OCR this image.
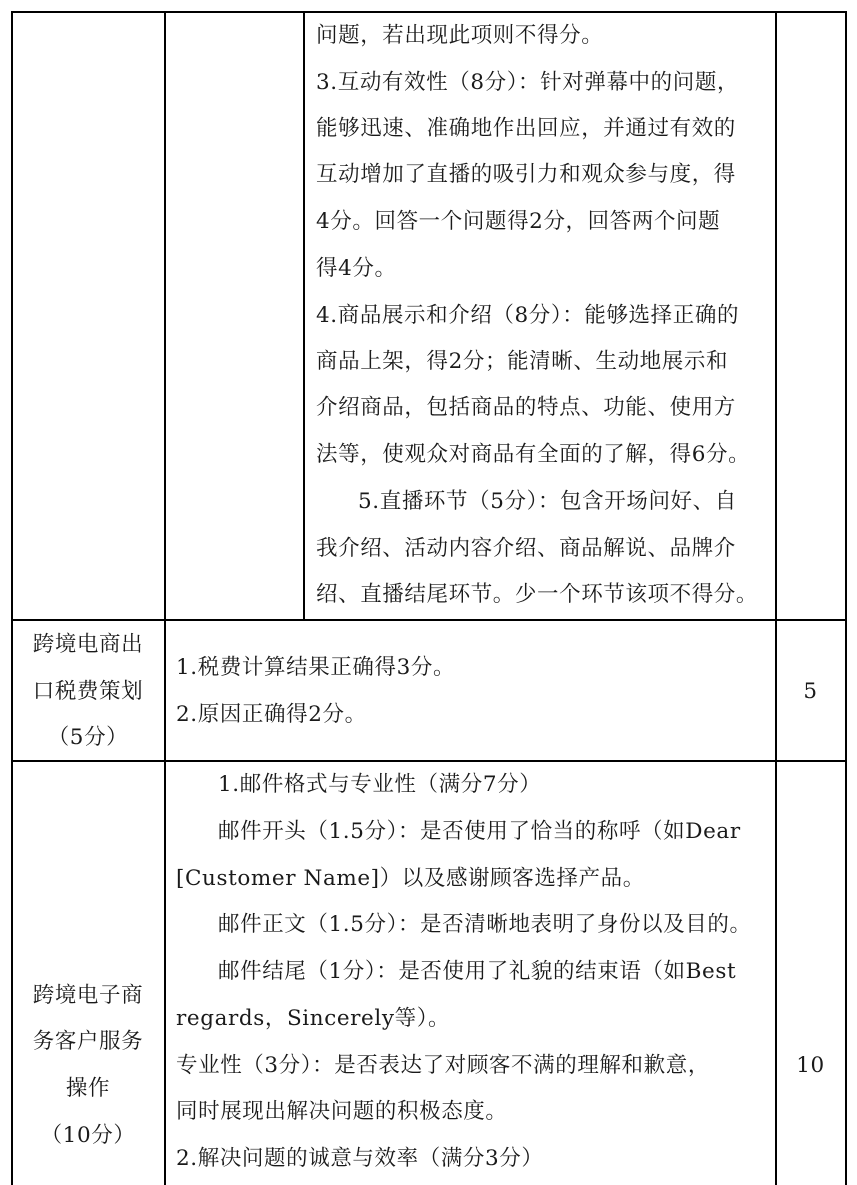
问题，若出现此项则不得分。
3.互动有效性（8分）：针对弹幕中的问题，
能够迅速、准确地作出回应，并通过有效的
互动增加了直播的吸引力和观众参与度，得
4分。回答一个问题得2分，回答两个问题
得4分。
4.商品展示和介绍（8分）：能够选择正确的
商品上架，得2分；能清晰、生动地展示和
介绍商品，包括商品的特点、功能、使用方
法等，使观众对商品有全面的了解，得6分。
5.直播环节（5分）：包含开场问好、自
我介绍、活动内容介绍、商品解说、品牌介
绍、直播结尾环节。少一个环节该项不得分。
跨境电商出
口税费策划
（5分）
1.税费计算结果正确得3分。
2.原因正确得2分。
5
跨境电子商
务客户服务
操作
（10分）
1.邮件格式与专业性（满分7分）
邮件开头（1.5分）：是否使用了恰当的称呼（如Dear
[Customer Name]）以及感谢顾客选择产品。
邮件正文（1.5分）：是否清晰地表明了身份以及目的。
邮件结尾（1分）：是否使用了礼貌的结束语（如Best
regards，Sincerely等）。
专业性（3分）：是否表达了对顾客不满的理解和歉意，
同时展现出解决问题的积极态度。
2.解决问题的诚意与效率（满分3分）
10
